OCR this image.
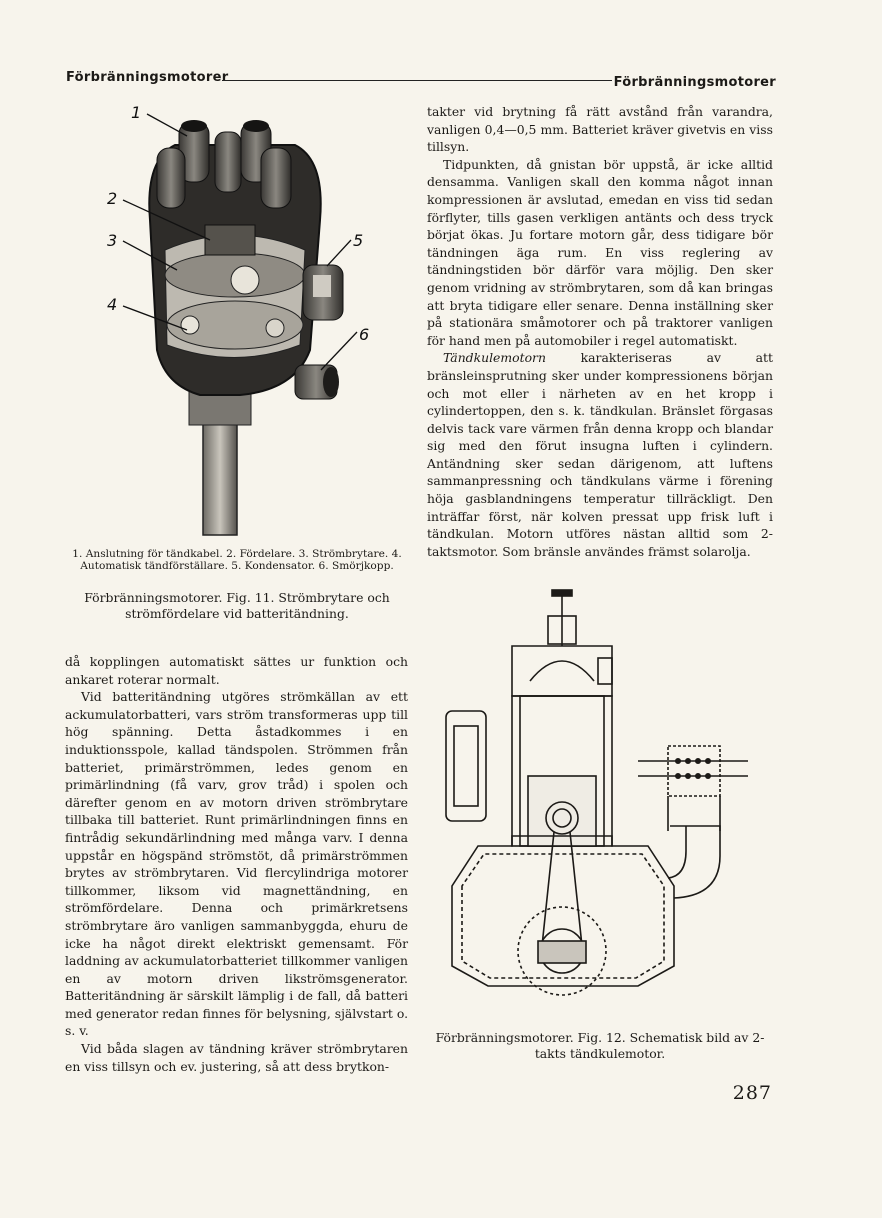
Förbränningsmotorer	Förbränningsmotorer
1
2
3
4
5
6
1. Anslutning för tändkabel. 2. Fördelare. 3. Strömbrytare. 4. Automatisk tändförställare. 5. Kondensator. 6. Smörjkopp.
Förbränningsmotorer. Fig. 11. Strömbrytare och strömfördelare vid batteritändning.

då kopplingen automatiskt sättes ur funktion och ankaret roterar normalt.

Vid batteritändning utgöres strömkällan av ett ackumulatorbatteri, vars ström transformeras upp till hög spänning. Detta åstadkommes i en induktionsspole, kallad tändspolen. Strömmen från batteriet, primärströmmen, ledes genom en primärlindning (få varv, grov tråd) i spolen och därefter genom en av motorn driven strömbrytare tillbaka till batteriet. Runt primärlindningen finns en fintrådig sekundärlindning med många varv. I denna uppstår en högspänd strömstöt, då primärströmmen brytes av strömbrytaren. Vid flercylindriga motorer tillkommer, liksom vid magnettändning, en strömfördelare. Denna och primärkretsens strömbrytare äro vanligen sammanbyggda, ehuru de icke ha något direkt elektriskt gemensamt. För laddning av ackumulatorbatteriet tillkommer vanligen en av motorn driven likströmsgenerator. Batteritändning är särskilt lämplig i de fall, då batteri med generator redan finnes för belysning, självstart o. s. v.

Vid båda slagen av tändning kräver strömbrytaren en viss tillsyn och ev. justering, så att dess brytkon-

takter vid brytning få rätt avstånd från varandra, vanligen 0,4—0,5 mm. Batteriet kräver givetvis en viss tillsyn.

Tidpunkten, då gnistan bör uppstå, är icke alltid densamma. Vanligen skall den komma något innan kompressionen är avslutad, emedan en viss tid sedan förflyter, tills gasen verkligen antänts och dess tryck börjat ökas. Ju fortare motorn går, dess tidigare bör tändningen äga rum. En viss reglering av tändningstiden bör därför vara möjlig. Den sker genom vridning av strömbrytaren, som då kan bringas att bryta tidigare eller senare. Denna inställning sker på stationära småmotorer och på traktorer vanligen för hand men på automobiler i regel automatiskt.

Tändkulemotorn karakteriseras av att bränsleinsprutning sker under kompressionens början och mot eller i närheten av en het kropp i cylindertoppen, den s. k. tändkulan. Bränslet förgasas delvis tack vare värmen från denna kropp och blandar sig med den förut insugna luften i cylindern. Antändning sker sedan därigenom, att luftens sammanpressning och tändkulans värme i förening höja gasblandningens temperatur tillräckligt. Den inträffar först, när kolven pressat upp frisk luft i tändkulan. Motorn utföres nästan alltid som 2-taktsmotor. Som bränsle användes främst solarolja.

Förbränningsmotorer. Fig. 12. Schematisk bild av 2-takts tändkulemotor.
287
